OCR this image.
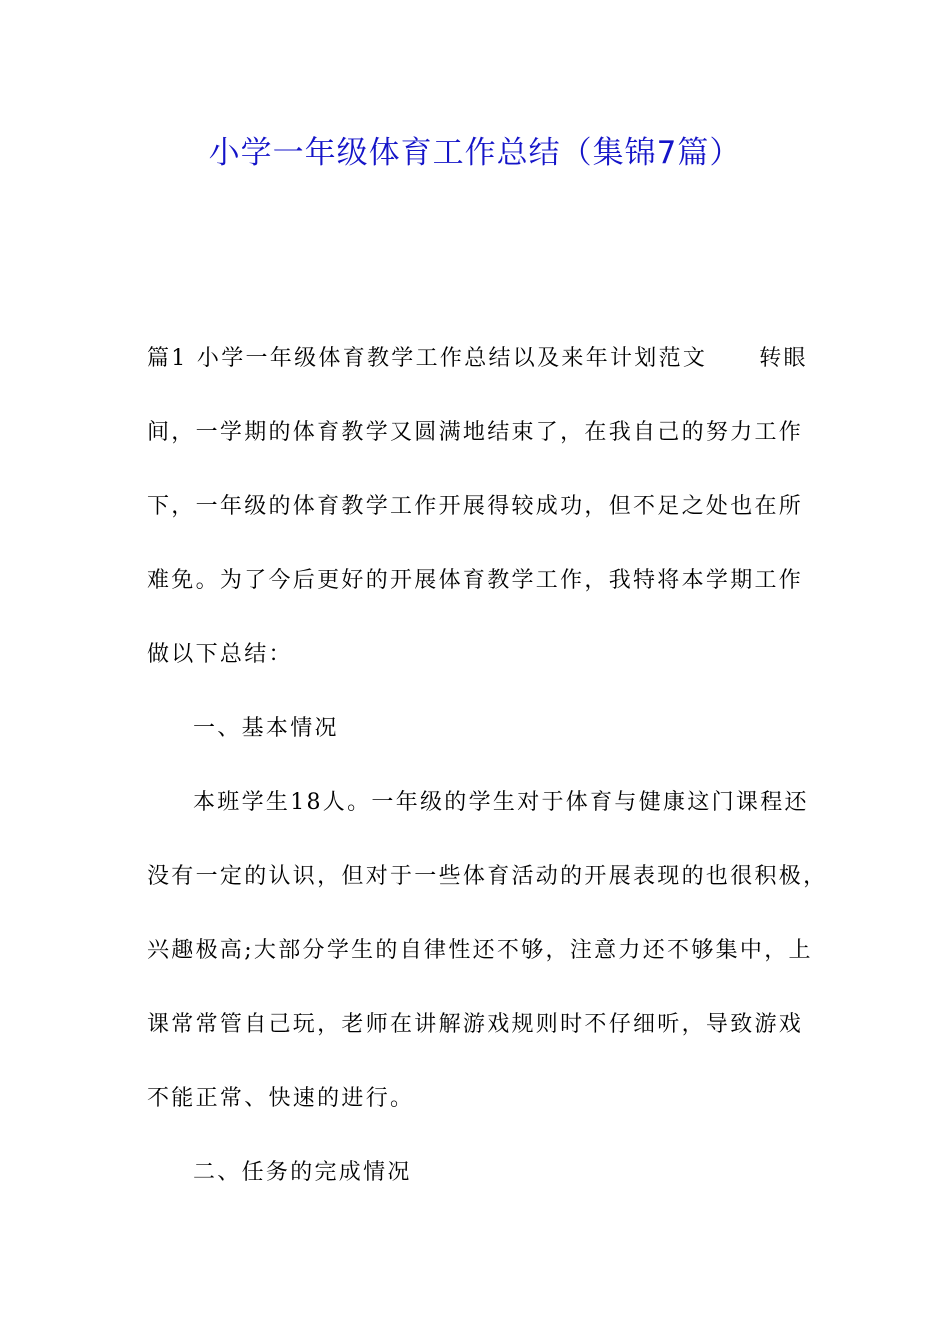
小学一年级体育工作总结（集锦7篇）
篇1 小学一年级体育教学工作总结以及来年计划范文 转眼
间，一学期的体育教学又圆满地结束了，在我自己的努力工作
下，一年级的体育教学工作开展得较成功，但不足之处也在所
难免。为了今后更好的开展体育教学工作，我特将本学期工作
做以下总结：
一、基本情况
本班学生18人。一年级的学生对于体育与健康这门课程还
没有一定的认识，但对于一些体育活动的开展表现的也很积极，
兴趣极高;大部分学生的自律性还不够，注意力还不够集中，上
课常常管自己玩，老师在讲解游戏规则时不仔细听，导致游戏
不能正常、快速的进行。
二、任务的完成情况
